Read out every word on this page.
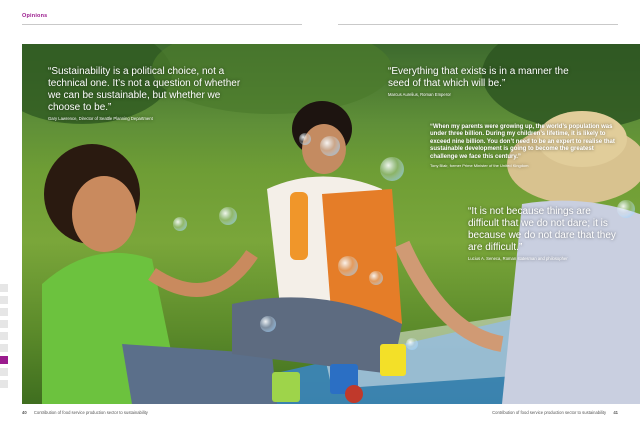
Opinions
“Sustainability is a political choice, not a technical one. It’s not a question of whether we can be sustainable, but whether we choose to be.”
Gary Lawrence, Director of Seattle Planning Department
“Everything that exists is in a manner the seed of that which will be.”
Marcus Aurelius, Roman Emperor
“When my parents were growing up, the world’s population was under three billion. During my children’s lifetime, it is likely to exceed nine billion. You don’t need to be an expert to realise that sustainable development is going to become the greatest challenge we face this century.”
Tony Blair, former Prime Minister of the United Kingdom
“It is not because things are difficult that we do not dare; it is because we do not dare that they are difficult.”
Lucius A. Seneca, Roman statesman and philosopher
40 Contribution of food service production sector to sustainability	Contribution of food service production sector to sustainability 41
